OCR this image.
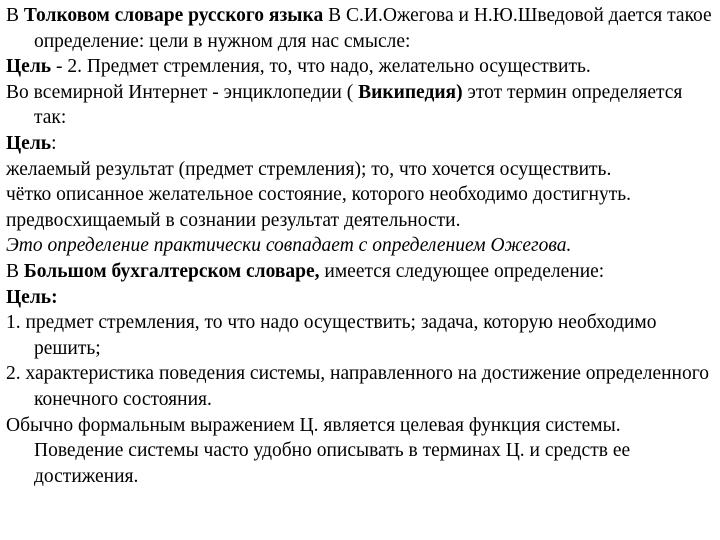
В Толковом словаре русского языка В С.И.Ожегова и Н.Ю.Шведовой дается такое определение: цели в нужном для нас смысле:

Цель - 2. Предмет стремления, то, что надо, желательно осуществить.

Во всемирной Интернет - энциклопедии ( Википедия) этот термин определяется так:

Цель:

желаемый результат (предмет стремления); то, что хочется осуществить.

чётко описанное желательное состояние, которого необходимо достигнуть.

предвосхищаемый в сознании результат деятельности.

Это определение практически совпадает с определением Ожегова.

В Большом бухгалтерском словаре, имеется следующее определение:

Цель:

1. предмет стремления, то что надо осуществить; задача, которую необходимо решить;

2. характеристика поведения системы, направленного на достижение определенного конечного состояния.

Обычно формальным выражением Ц. является целевая функция системы. Поведение системы часто удобно описывать в терминах Ц. и средств ее достижения.
